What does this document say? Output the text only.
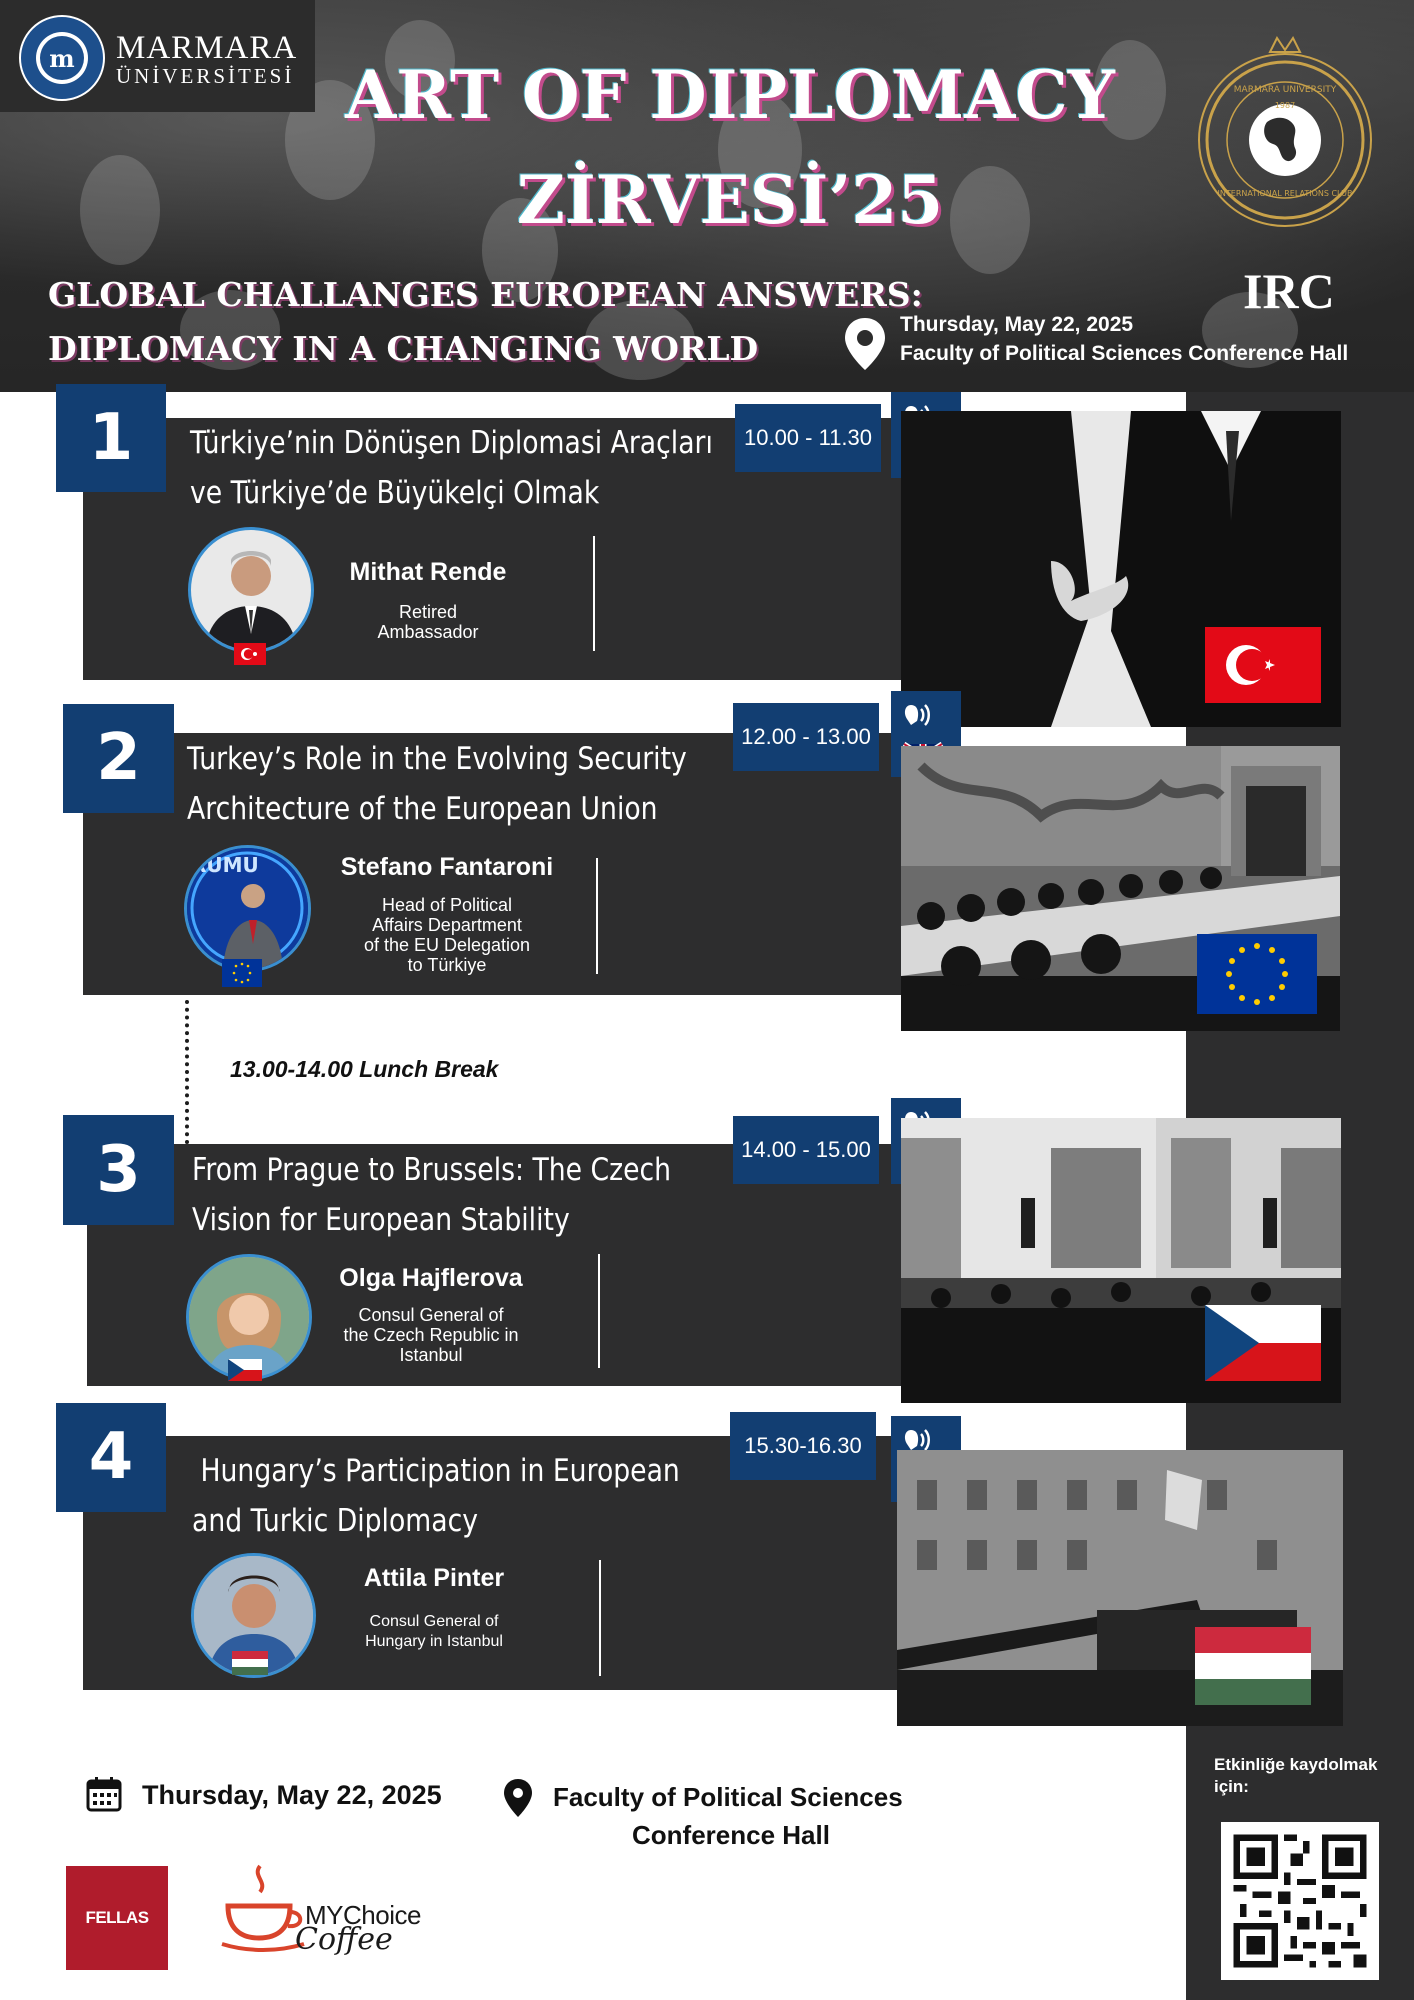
m MARMARA
ÜNİVERSİTESİ ART OF DIPLOMACY
ZİRVESİ’25
GLOBAL CHALLANGES EUROPEAN ANSWERS:
DIPLOMACY IN A CHANGING WORLD
Thursday, May 22, 2025
Faculty of Political Sciences Conference Hall
MARMARA UNIVERSITY
INTERNATIONAL RELATIONS CLUB
1987
IRC
1	Türkiye’nin Dönüşen Diplomasi Araçları
ve Türkiye’de Büyükelçi Olmak
10.00 - 11.30
Mithat Rende
Retired
Ambassador
2	Turkey’s Role in the Evolving Security
Architecture of the European Union
12.00 - 13.00
RUMU	Stefano Fantaroni
Head of Political
Affairs Department
of the EU Delegation
to Türkiye
13.00-14.00 Lunch Break
3	From Prague to Brussels: The Czech
Vision for European Stability
14.00 - 15.00
Olga Hajflerova
Consul General of
the Czech Republic in
Istanbul
4	Hungary’s Participation in European
and Turkic Diplomacy
15.30-16.30
Attila Pinter
Consul General of
Hungary in Istanbul
Thursday, May 22, 2025	Faculty of Political Sciences
Conference Hall
FELLAS	MYChoice
Coffee
Etkinliğe kaydolmak
için:
